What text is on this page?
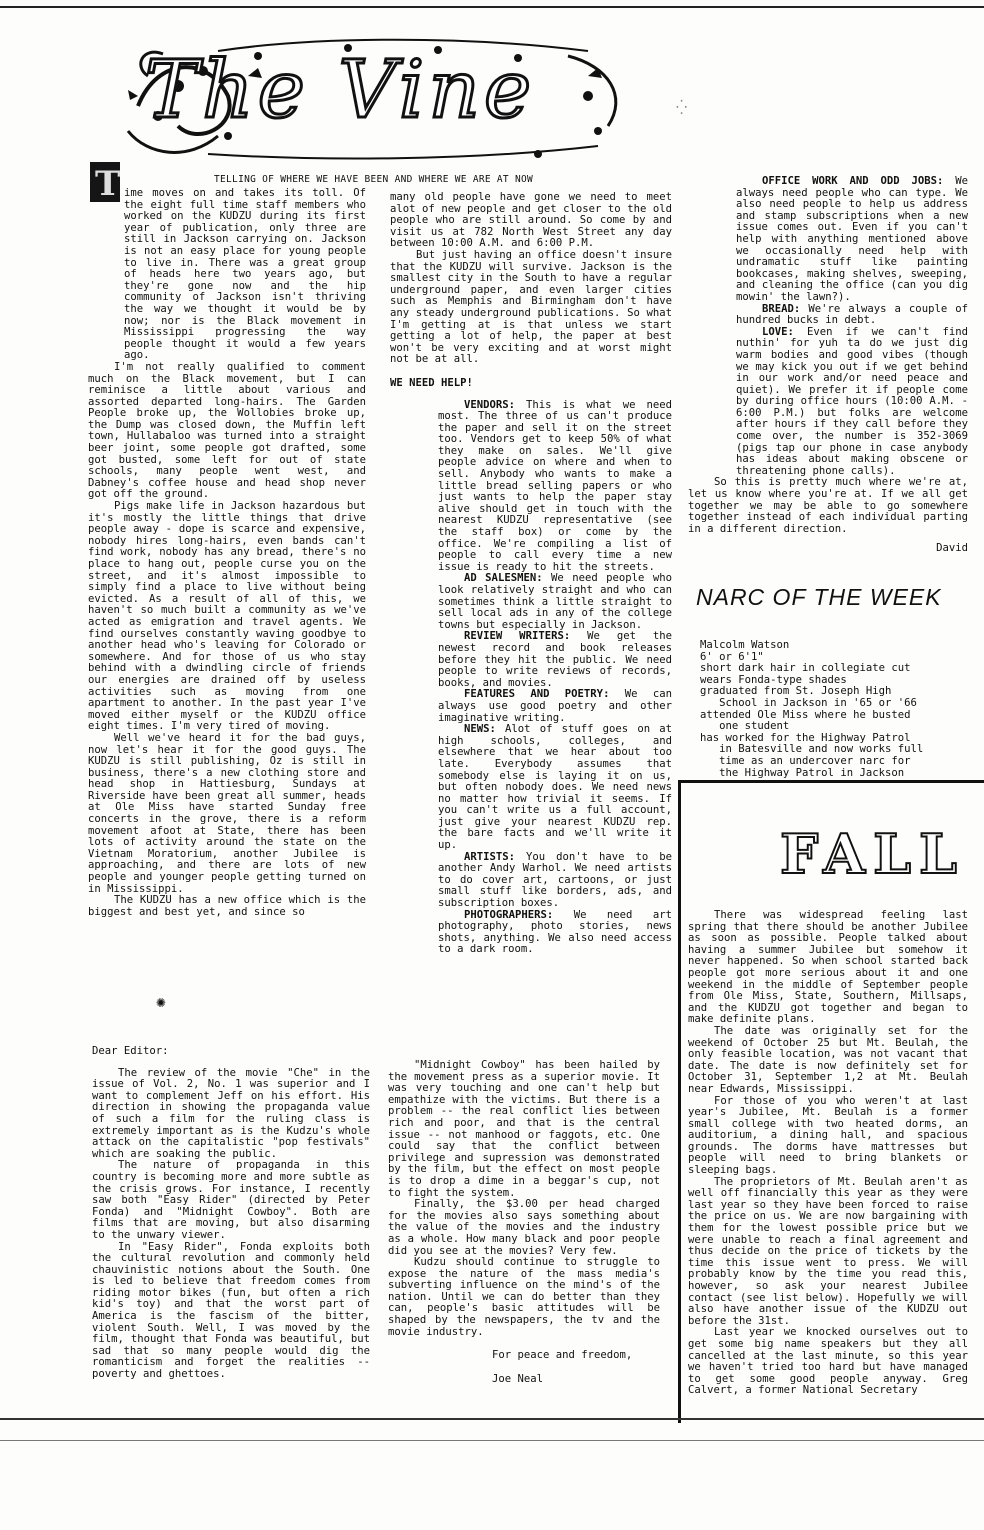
The Vine	⁛
TELLING OF WHERE WE HAVE BEEN AND WHERE WE ARE AT NOW
T

ime moves on and takes its toll. Of the eight full time staff members who worked on the KUDZU during its first year of publication, only three are still in Jackson carrying on. Jackson is not an easy place for young people to live in. There was a great group of heads here two years ago, but they're gone now and the hip community of Jackson isn't thriving the way we thought it would be by now; nor is the Black movement in Mississippi progressing the way people thought it would a few years ago.

I'm not really qualified to comment much on the Black movement, but I can reminisce a little about various and assorted departed long-hairs. The Garden People broke up, the Wollobies broke up, the Dump was closed down, the Muffin left town, Hullabaloo was turned into a straight beer joint, some people got drafted, some got busted, some left for out of state schools, many people went west, and Dabney's coffee house and head shop never got off the ground.

Pigs make life in Jackson hazardous but it's mostly the little things that drive people away - dope is scarce and expensive, nobody hires long-hairs, even bands can't find work, nobody has any bread, there's no place to hang out, people curse you on the street, and it's almost impossible to simply find a place to live without being evicted. As a result of all of this, we haven't so much built a community as we've acted as emigration and travel agents. We find ourselves constantly waving goodbye to another head who's leaving for Colorado or somewhere. And for those of us who stay behind with a dwindling circle of friends our energies are drained off by useless activities such as moving from one apartment to another. In the past year I've moved either myself or the KUDZU office eight times. I'm very tired of moving.

Well we've heard it for the bad guys, now let's hear it for the good guys. The KUDZU is still publishing, Oz is still in business, there's a new clothing store and head shop in Hattiesburg, Sundays at Riverside have been great all summer, heads at Ole Miss have started Sunday free concerts in the grove, there is a reform movement afoot at State, there has been lots of activity around the state on the Vietnam Moratorium, another Jubilee is approaching, and there are lots of new people and younger people getting turned on in Mississippi.

The KUDZU has a new office which is the biggest and best yet, and since so

many old people have gone we need to meet alot of new people and get closer to the old people who are still around. So come by and visit us at 782 North West Street any day between 10:00 A.M. and 6:00 P.M.

But just having an office doesn't insure that the KUDZU will survive. Jackson is the smallest city in the South to have a regular underground paper, and even larger cities such as Memphis and Birmingham don't have any steady underground publications. So what I'm getting at is that unless we start getting a lot of help, the paper at best won't be very exciting and at worst might not be at all.

WE NEED HELP!

VENDORS: This is what we need most. The three of us can't produce the paper and sell it on the street too. Vendors get to keep 50% of what they make on sales. We'll give people advice on where and when to sell. Anybody who wants to make a little bread selling papers or who just wants to help the paper stay alive should get in touch with the nearest KUDZU representative (see the staff box) or come by the office. We're compiling a list of people to call every time a new issue is ready to hit the streets.

AD SALESMEN: We need people who look relatively straight and who can sometimes think a little straight to sell local ads in any of the college towns but especially in Jackson.

REVIEW WRITERS: We get the newest record and book releases before they hit the public. We need people to write reviews of records, books, and movies.

FEATURES AND POETRY: We can always use good poetry and other imaginative writing.

NEWS: Alot of stuff goes on at high schools, colleges, and elsewhere that we hear about too late. Everybody assumes that somebody else is laying it on us, but often nobody does. We need news no matter how trivial it seems. If you can't write us a full account, just give your nearest KUDZU rep. the bare facts and we'll write it up.

ARTISTS: You don't have to be another Andy Warhol. We need artists to do cover art, cartoons, or just small stuff like borders, ads, and subscription boxes.

PHOTOGRAPHERS: We need art photography, photo stories, news shots, anything. We also need access to a dark room.

OFFICE WORK AND ODD JOBS: We always need people who can type. We also need people to help us address and stamp subscriptions when a new issue comes out. Even if you can't help with anything mentioned above we occasionally need help with undramatic stuff like painting bookcases, making shelves, sweeping, and cleaning the office (can you dig mowin' the lawn?).

BREAD: We're always a couple of hundred bucks in debt.

LOVE: Even if we can't find nuthin' for yuh ta do we just dig warm bodies and good vibes (though we may kick you out if we get behind in our work and/or need peace and quiet). We prefer it if people come by during office hours (10:00 A.M. - 6:00 P.M.) but folks are welcome after hours if they call before they come over, the number is 352-3069 (pigs tap our phone in case anybody has ideas about making obscene or threatening phone calls).

So this is pretty much where we're at, let us know where you're at. If we all get together we may be able to go somewhere together instead of each individual parting in a different direction.

David

NARC OF THE WEEK
Malcolm Watson
6' or 6'1"
short dark hair in collegiate cut
wears Fonda-type shades
graduated from St. Joseph High
School in Jackson in '65 or '66
attended Ole Miss where he busted
one student
has worked for the Highway Patrol
in Batesville and now works full
time as an undercover narc for
the Highway Patrol in Jackson
FALL

There was widespread feeling last spring that there should be another Jubilee as soon as possible. People talked about having a summer Jubilee but somehow it never happened. So when school started back people got more serious about it and one weekend in the middle of September people from Ole Miss, State, Southern, Millsaps, and the KUDZU got together and began to make definite plans.

The date was originally set for the weekend of October 25 but Mt. Beulah, the only feasible location, was not vacant that date. The date is now definitely set for October 31, September 1,2 at Mt. Beulah near Edwards, Mississippi.

For those of you who weren't at last year's Jubilee, Mt. Beulah is a former small college with two heated dorms, an auditorium, a dining hall, and spacious grounds. The dorms have mattresses but people will need to bring blankets or sleeping bags.

The proprietors of Mt. Beulah aren't as well off financially this year as they were last year so they have been forced to raise the price on us. We are now bargaining with them for the lowest possible price but we were unable to reach a final agreement and thus decide on the price of tickets by the time this issue went to press. We will probably know by the time you read this, however, so ask your nearest Jubilee contact (see list below). Hopefully we will also have another issue of the KUDZU out before the 31st.

Last year we knocked ourselves out to get some big name speakers but they all cancelled at the last minute, so this year we haven't tried too hard but have managed to get some good people anyway. Greg Calvert, a former National Secretary

✺

Dear Editor:

The review of the movie "Che" in the issue of Vol. 2, No. 1 was superior and I want to complement Jeff on his effort. His direction in showing the propaganda value of such a film for the ruling class is extremely important as is the Kudzu's whole attack on the capitalistic "pop festivals" which are soaking the public.

The nature of propaganda in this country is becoming more and more subtle as the crisis grows. For instance, I recently saw both "Easy Rider" (directed by Peter Fonda) and "Midnight Cowboy". Both are films that are moving, but also disarming to the unwary viewer.

In "Easy Rider", Fonda exploits both the cultural revolution and commonly held chauvinistic notions about the South. One is led to believe that freedom comes from riding motor bikes (fun, but often a rich kid's toy) and that the worst part of America is the fascism of the bitter, violent South. Well, I was moved by the film, thought that Fonda was beautiful, but sad that so many people would dig the romanticism and forget the realities -- poverty and ghettoes.

"Midnight Cowboy" has been hailed by the movement press as a superior movie. It was very touching and one can't help but empathize with the victims. But there is a problem -- the real conflict lies between rich and poor, and that is the central issue -- not manhood or faggots, etc. One could say that the conflict between privilege and supression was demonstrated by the film, but the effect on most people is to drop a dime in a beggar's cup, not to fight the system.

Finally, the $3.00 per head charged for the movies also says something about the value of the movies and the industry as a whole. How many black and poor people did you see at the movies? Very few.

Kudzu should continue to struggle to expose the nature of the mass media's subverting influence on the mind's of the nation. Until we can do better than they can, people's basic attitudes will be shaped by the newspapers, the tv and the movie industry.

For peace and freedom,

Joe Neal
